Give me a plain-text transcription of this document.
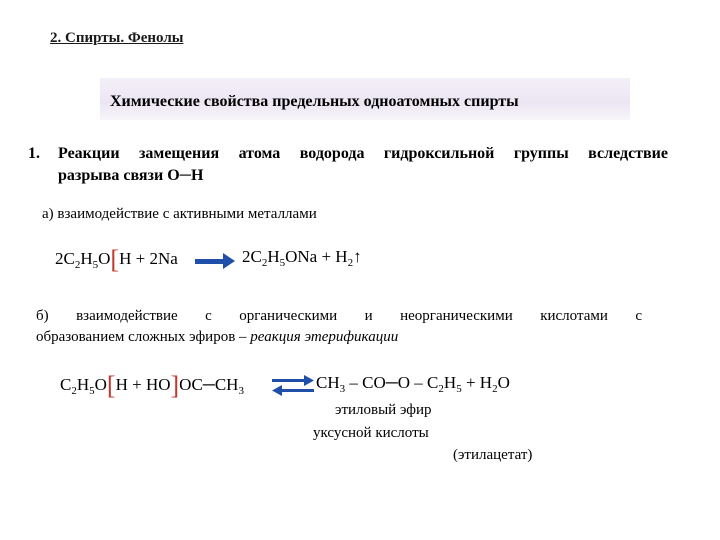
2. Спирты. Фенолы
Химические свойства предельных одноатомных спирты
1. Реакции замещения атома водорода гидроксильной группы вследствие
разрыва связи О─Н
а) взаимодействие с активными металлами
$2C_2H_5O[H + 2Na$	$2C_2H_5ONa$ + $H_2↑$
б) взаимодействие с органическими и неорганическими кислотами с
образованием сложных эфиров – реакция этерификации
$C_2H_5O[H$ + $HO]OC─CH_3$ ⇌ $CH_3$ – CO─O – $C_2H_5 + H_2O$
этиловый эфир
уксусной кислоты
(этилацетат)
